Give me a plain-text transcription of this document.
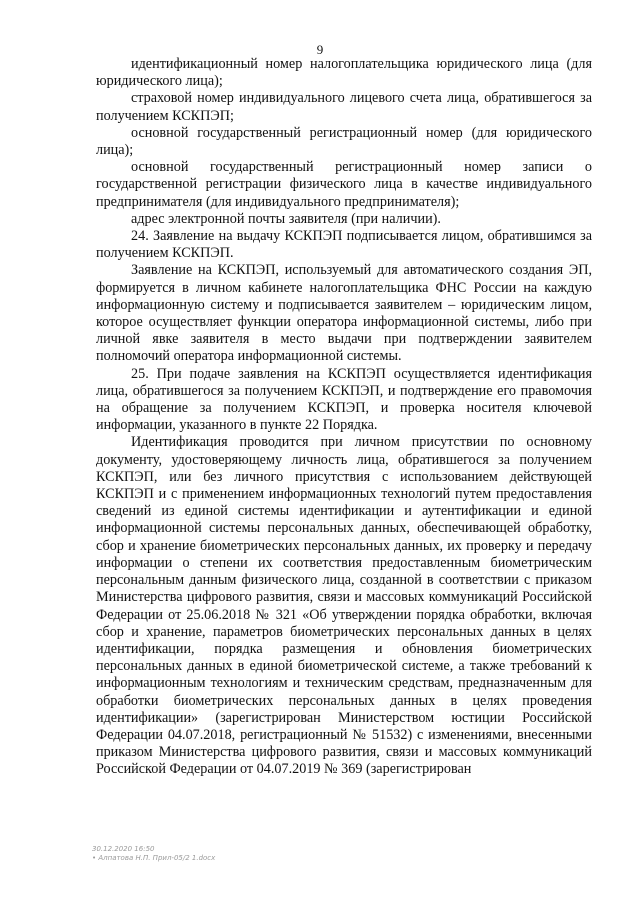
9

идентификационный номер налогоплательщика юридического лица (для юридического лица);

страховой номер индивидуального лицевого счета лица, обратившегося за получением КСКПЭП;

основной государственный регистрационный номер (для юридического лица);

основной государственный регистрационный номер записи о государственной регистрации физического лица в качестве индивидуального предпринимателя (для индивидуального предпринимателя);

адрес электронной почты заявителя (при наличии).

24. Заявление на выдачу КСКПЭП подписывается лицом, обратившимся за получением КСКПЭП.

Заявление на КСКПЭП, используемый для автоматического создания ЭП, формируется в личном кабинете налогоплательщика ФНС России на каждую информационную систему и подписывается заявителем – юридическим лицом, которое осуществляет функции оператора информационной системы, либо при личной явке заявителя в место выдачи при подтверждении заявителем полномочий оператора информационной системы.

25. При подаче заявления на КСКПЭП осуществляется идентификация лица, обратившегося за получением КСКПЭП, и подтверждение его правомочия на обращение за получением КСКПЭП, и проверка носителя ключевой информации, указанного в пункте 22 Порядка.

Идентификация проводится при личном присутствии по основному документу, удостоверяющему личность лица, обратившегося за получением КСКПЭП, или без личного присутствия с использованием действующей КСКПЭП и с применением информационных технологий путем предоставления сведений из единой системы идентификации и аутентификации и единой информационной системы персональных данных, обеспечивающей обработку, сбор и хранение биометрических персональных данных, их проверку и передачу информации о степени их соответствия предоставленным биометрическим персональным данным физического лица, созданной в соответствии с приказом Министерства цифрового развития, связи и массовых коммуникаций Российской Федерации от 25.06.2018 № 321 «Об утверждении порядка обработки, включая сбор и хранение, параметров биометрических персональных данных в целях идентификации, порядка размещения и обновления биометрических персональных данных в единой биометрической системе, а также требований к информационным технологиям и техническим средствам, предназначенным для обработки биометрических персональных данных в целях проведения идентификации» (зарегистрирован Министерством юстиции Российской Федерации 04.07.2018, регистрационный № 51532) с изменениями, внесенными приказом Министерства цифрового развития, связи и массовых коммуникаций Российской Федерации от 04.07.2019 № 369 (зарегистрирован

30.12.2020 16:50
• Алпатова Н.П. Прил-05/2 1.docx
